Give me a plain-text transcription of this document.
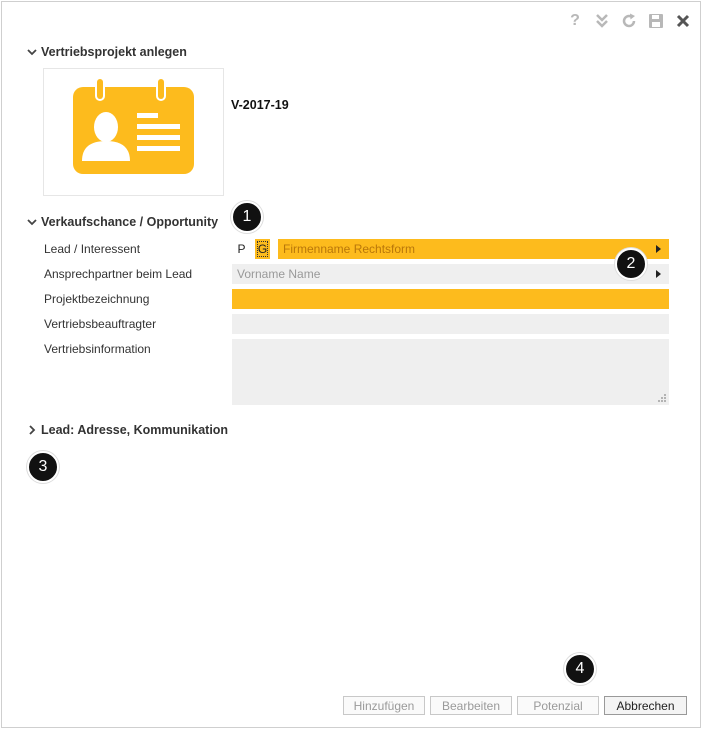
?
Vertriebsprojekt anlegen
V-2017-19
Verkaufschance / Opportunity
Lead / Interessent	P G Firmenname Rechtsform
Ansprechpartner beim Lead	Vorname Name
Projektbezeichnung
Vertriebsbeauftragter
Vertriebsinformation
Lead: Adresse, Kommunikation
1
2
3
4
Hinzufügen	Bearbeiten	Potenzial	Abbrechen
